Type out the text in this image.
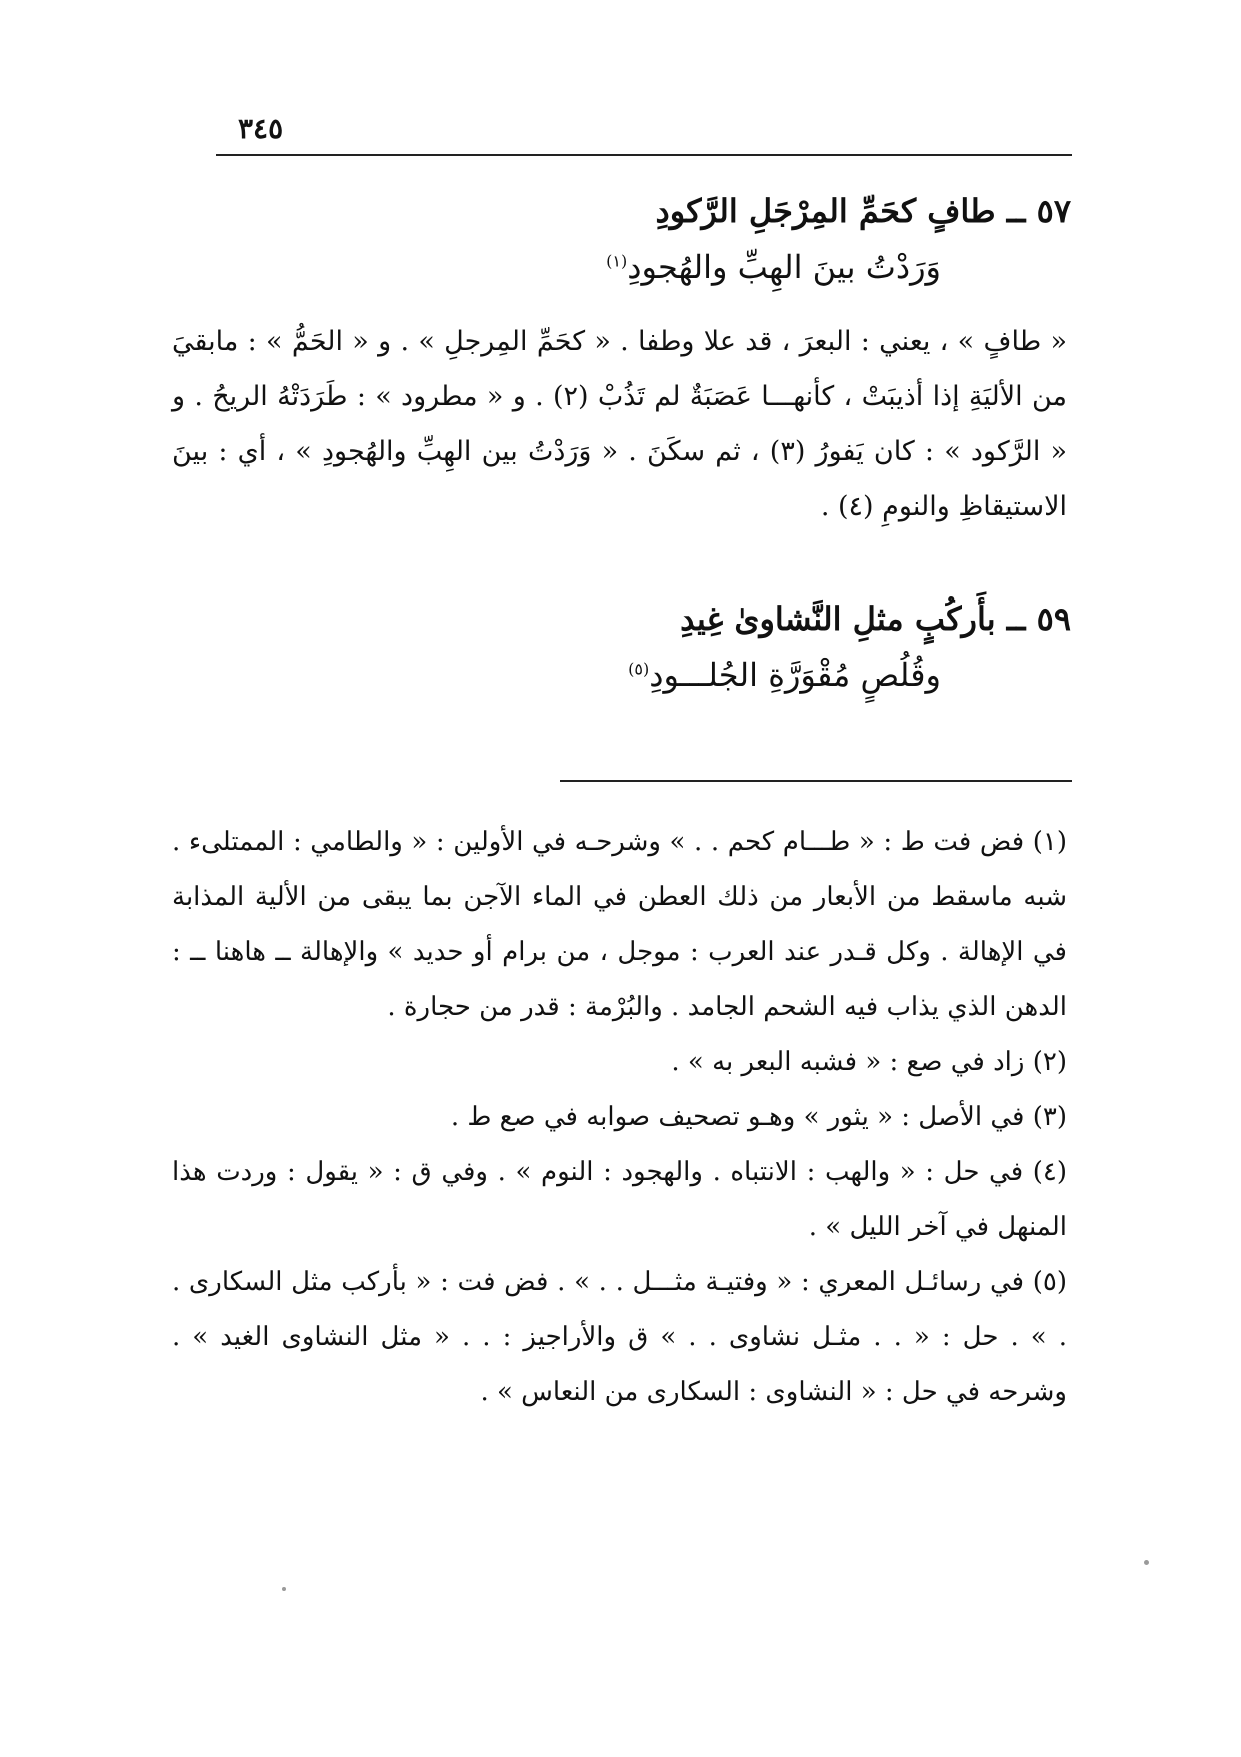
٣٤٥
٥٧ ــ طافٍ كحَمِّ المِرْجَلِ الرَّكودِ
وَرَدْتُ بينَ الهِبِّ والهُجودِ$^{(١)}$

« طافٍ » ، يعني : البعرَ ، قد علا وطفا . « كحَمِّ المِرجلِ » . و « الحَمُّ » : مابقيَ من الأليَةِ إذا أذيبَتْ ، كأنهـــا عَصَبَةٌ لم تَذُبْ (٢) . و « مطرود » : طَرَدَتْهُ الريحُ . و « الرَّكود » : كان يَفورُ (٣) ، ثم سكَنَ . « وَرَدْتُ بين الهِبِّ والهُجودِ » ، أي : بينَ الاستيقاظِ والنومِ (٤) .

٥٩ ــ بأَركُبٍ مثلِ النَّشاوىٰ غِيدِ
وقُلُصٍ مُقْوَرَّةِ الجُلـــودِ$^{(٥)}$

(١) فض فت ط : « طـــام كحم . . » وشرحـه في الأولين : « والطامي : الممتلىء . شبه ماسقط من الأبعار من ذلك العطن في الماء الآجن بما يبقى من الألية المذابة في الإهالة . وكل قـدر عند العرب : موجل ، من برام أو حديد » والإهالة ــ هاهنا ــ : الدهن الذي يذاب فيه الشحم الجامد . والبُرْمة : قدر من حجارة .

(٢) زاد في صع : « فشبه البعر به » .

(٣) في الأصل : « يثور » وهـو تصحيف صوابه في صع ط .

(٤) في حل : « والهب : الانتباه . والهجود : النوم » . وفي ق : « يقول : وردت هذا المنهل في آخر الليل » .

(٥) في رسائـل المعري : « وفتيـة مثـــل . . » . فض فت : « بأركب مثل السكارى . . » . حل : « . . مثـل نشاوى . . » ق والأراجيز : . . « مثل النشاوى الغيد » . وشرحه في حل : « النشاوى : السكارى من النعاس » .
